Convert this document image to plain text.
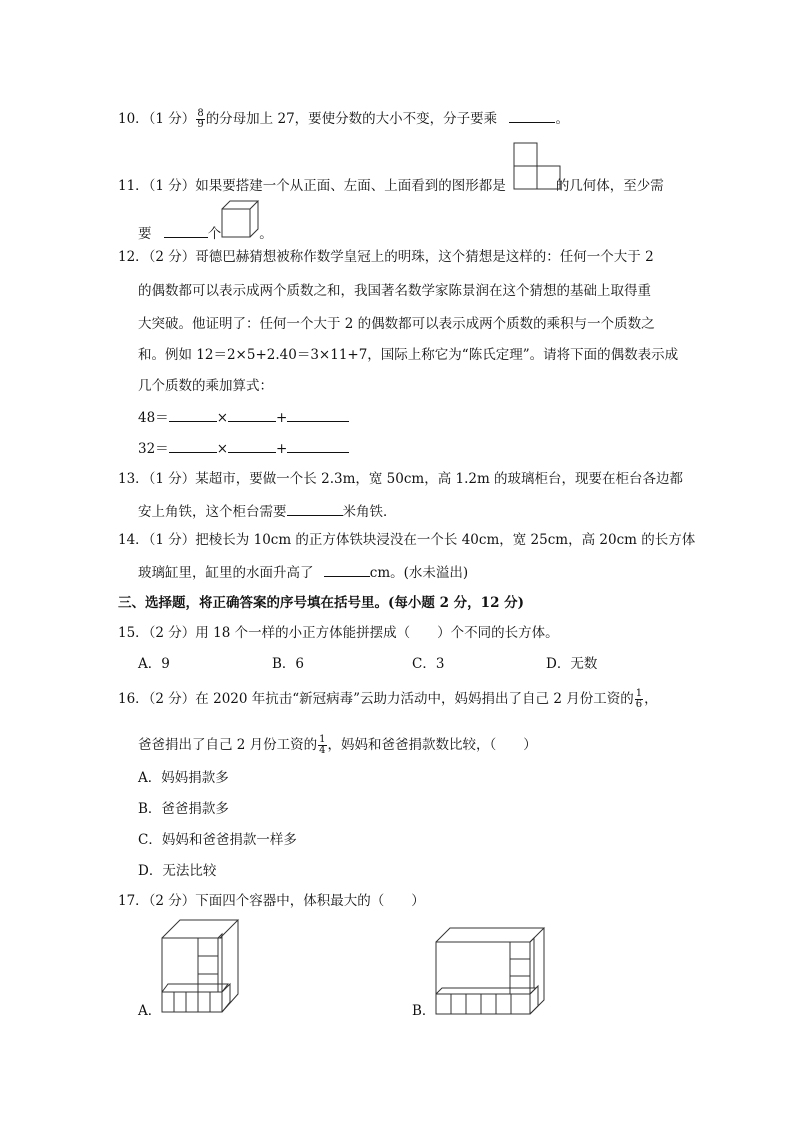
10．（1 分） $\frac{8}{9}$ 的分母加上 27，要使分数的大小不变，分子要乘	。
11．（1 分）如果要搭建一个从正面、左面、上面看到的图形都是	的几何体，至少需
要	个	。
12．（2 分）哥德巴赫猜想被称作数学皇冠上的明珠，这个猜想是这样的：任何一个大于 2
的偶数都可以表示成两个质数之和，我国著名数学家陈景润在这个猜想的基础上取得重
大突破。他证明了：任何一个大于 2 的偶数都可以表示成两个质数的乘积与一个质数之
和。例如 12＝2×5+2.40＝3×11+7，国际上称它为“陈氏定理”。请将下面的偶数表示成
几个质数的乘加算式：
48＝	×	+
32＝	×	+
13．（1 分）某超市，要做一个长 2.3m，宽 50cm，高 1.2m 的玻璃柜台，现要在柜台各边都
安上角铁，这个柜台需要	米角铁．
14．（1 分）把棱长为 10cm 的正方体铁块浸没在一个长 40cm，宽 25cm，高 20cm 的长方体
玻璃缸里，缸里的水面升高了	cm。(水未溢出)
三、选择题，将正确答案的序号填在括号里。(每小题 2 分，12 分)
15．（2 分）用 18 个一样的小正方体能拼摆成（　　）个不同的长方体。
A．9	B．6	C．3	D．无数
16．（2 分）在 2020 年抗击“新冠病毒”云助力活动中，妈妈捐出了自己 2 月份工资的 $\frac{1}{6}$ ，
爸爸捐出了自己 2 月份工资的 $\frac{1}{4}$ ，妈妈和爸爸捐款数比较，（　　）
A．妈妈捐款多
B．爸爸捐款多
C．妈妈和爸爸捐款一样多
D．无法比较
17．（2 分）下面四个容器中，体积最大的（　　）
A．	B．
